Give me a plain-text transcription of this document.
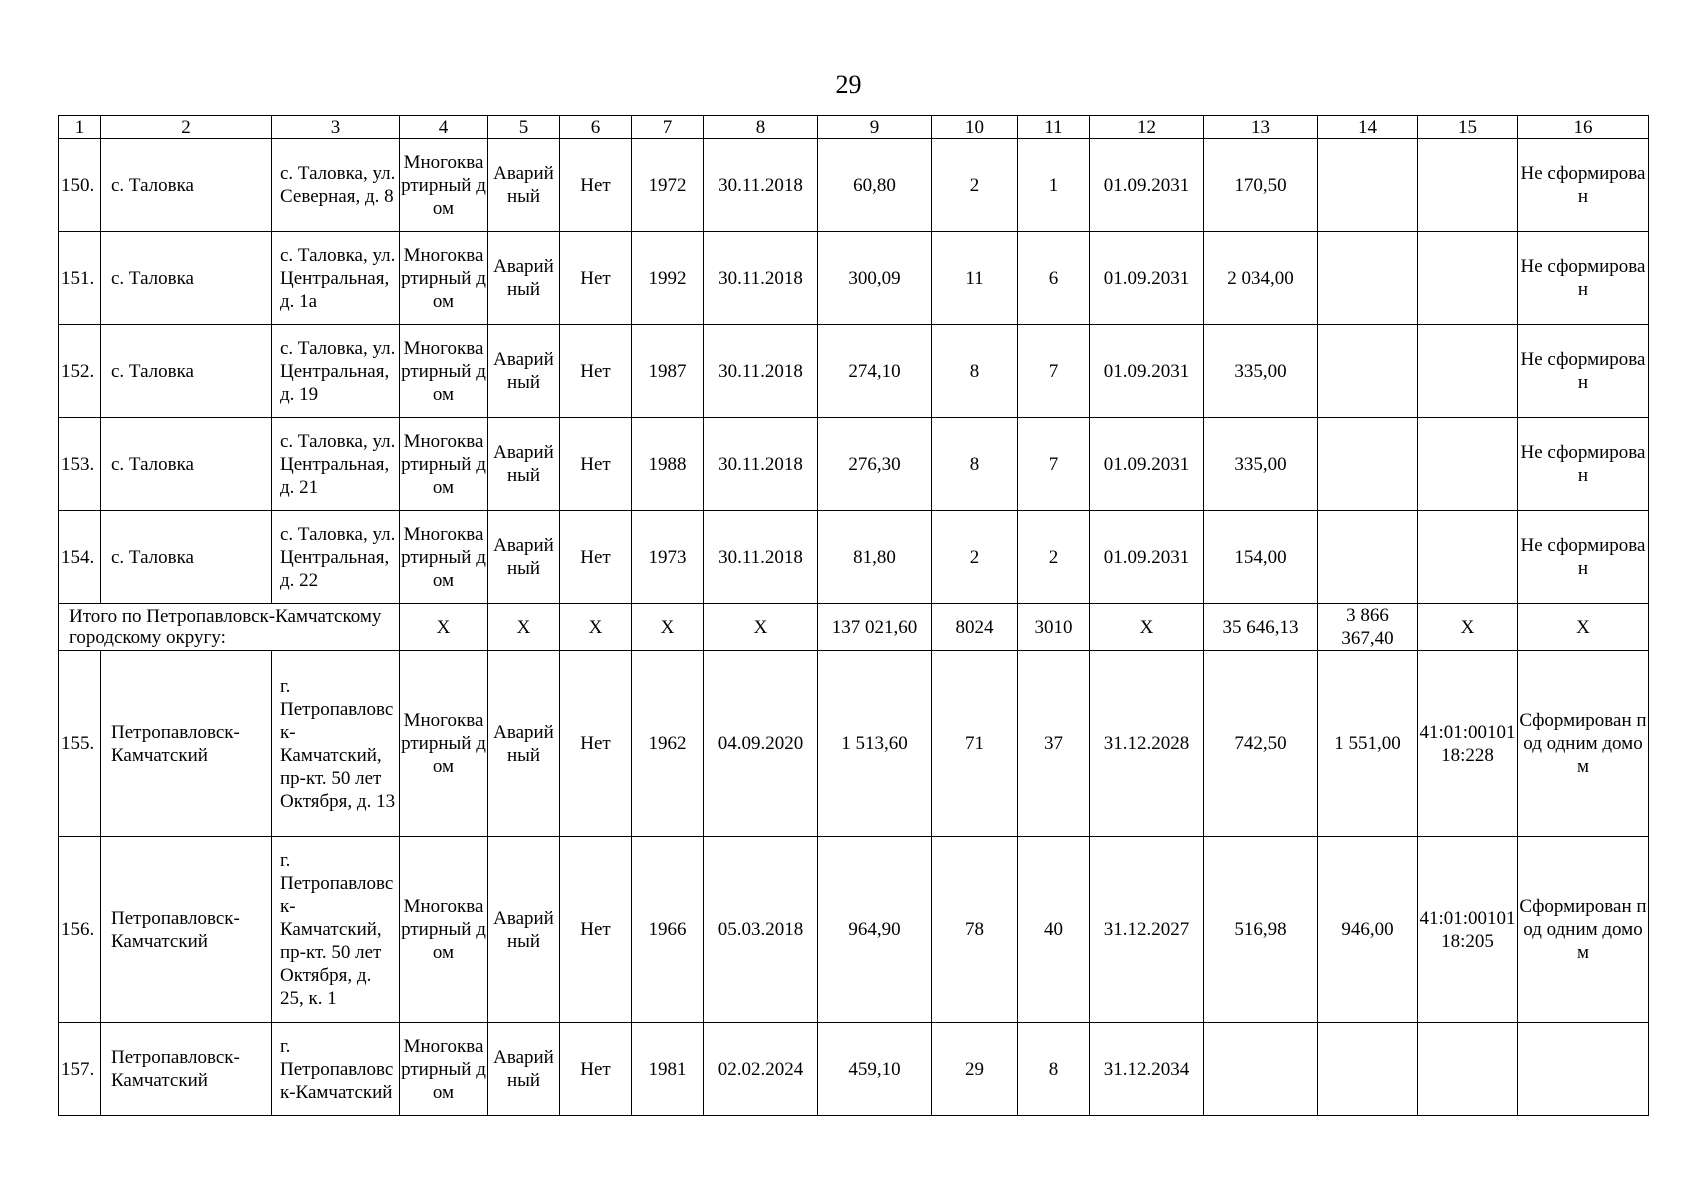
29
1	2	3	4	5	6	7	8	9	10	11	12	13	14	15	16
150.	с. Таловка	с. Таловка, ул. Северная, д. 8	Многоквартирный дом	Аварийный	Нет	1972	30.11.2018	60,80	2	1	01.09.2031	170,50			Не сформирован
151.	с. Таловка	с. Таловка, ул. Центральная, д. 1а	Многоквартирный дом	Аварийный	Нет	1992	30.11.2018	300,09	11	6	01.09.2031	2 034,00			Не сформирован
152.	с. Таловка	с. Таловка, ул. Центральная, д. 19	Многоквартирный дом	Аварийный	Нет	1987	30.11.2018	274,10	8	7	01.09.2031	335,00			Не сформирован
153.	с. Таловка	с. Таловка, ул. Центральная, д. 21	Многоквартирный дом	Аварийный	Нет	1988	30.11.2018	276,30	8	7	01.09.2031	335,00			Не сформирован
154.	с. Таловка	с. Таловка, ул. Центральная, д. 22	Многоквартирный дом	Аварийный	Нет	1973	30.11.2018	81,80	2	2	01.09.2031	154,00			Не сформирован
Итого по Петропавловск-Камчатскому городскому округу:			Х	Х	Х	Х	Х	137 021,60	8024	3010	Х	35 646,13	3 866 367,40	Х	Х
155.	Петропавловск-Камчатский	г. Петропавловск-Камчатский, пр-кт. 50 лет Октября, д. 13	Многоквартирный дом	Аварийный	Нет	1962	04.09.2020	1 513,60	71	37	31.12.2028	742,50	1 551,00	41:01:0010118:228	Сформирован под одним домом
156.	Петропавловск-Камчатский	г. Петропавловск-Камчатский, пр-кт. 50 лет Октября, д. 25, к. 1	Многоквартирный дом	Аварийный	Нет	1966	05.03.2018	964,90	78	40	31.12.2027	516,98	946,00	41:01:0010118:205	Сформирован под одним домом
157.	Петропавловск-Камчатский	г. Петропавловск-Камчатский	Многоквартирный дом	Аварийный	Нет	1981	02.02.2024	459,10	29	8	31.12.2034				
